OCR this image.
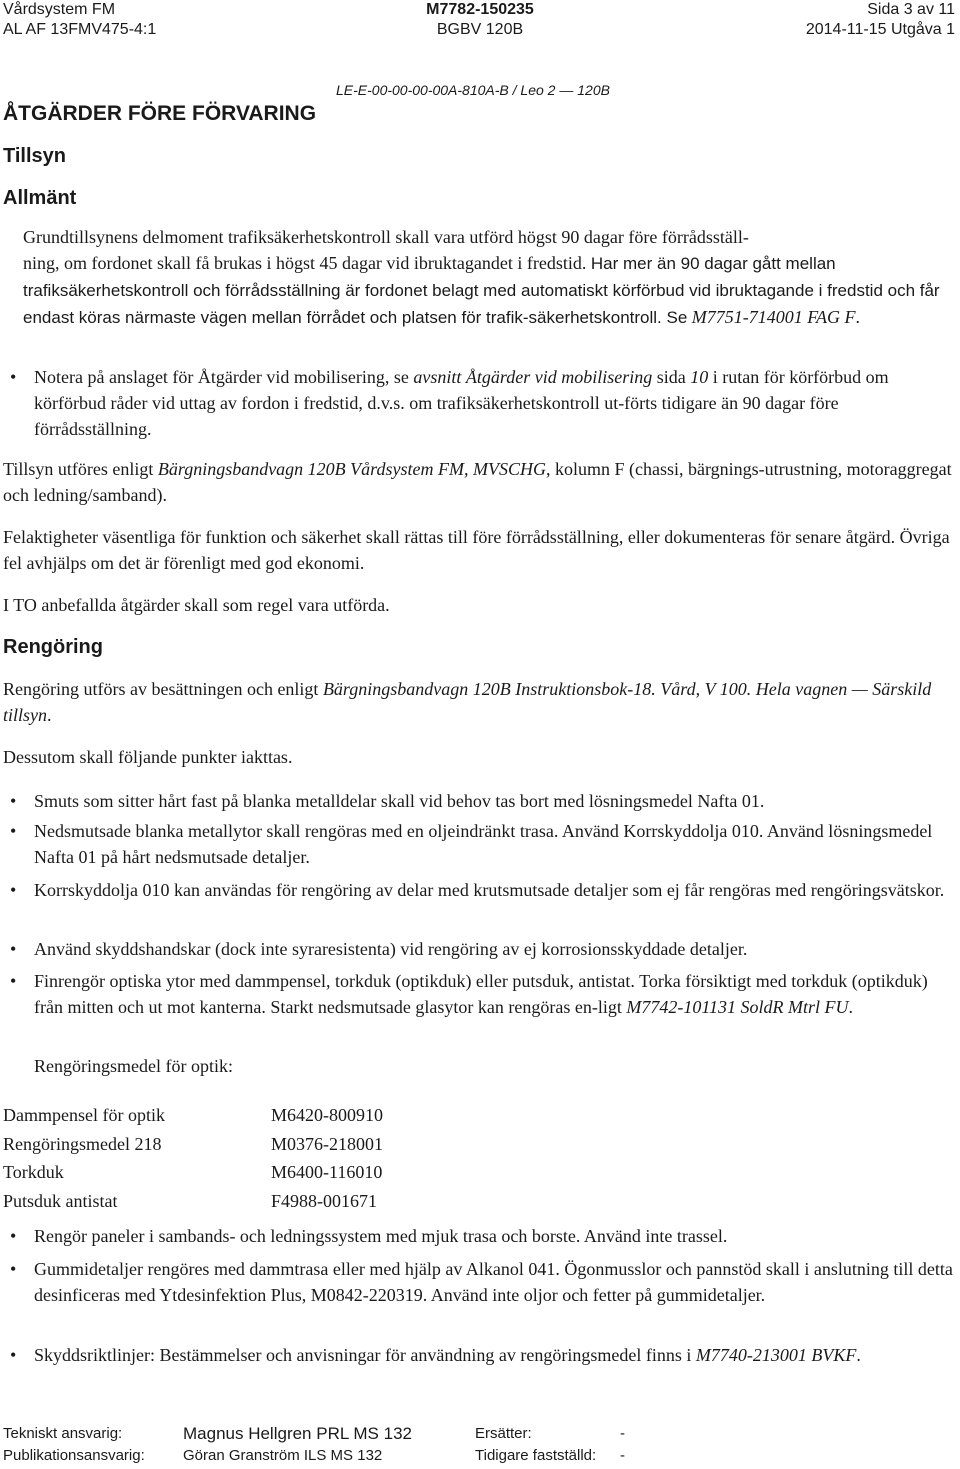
Vårdsystem FM
AL AF 13FMV475-4:1
M7782-150235
BGBV 120B
Sida 3 av 11
2014-11-15 Utgåva 1
LE-E-00-00-00-00A-810A-B / Leo 2 — 120B
ÅTGÄRDER FÖRE FÖRVARING
Tillsyn
Allmänt
Grundtillsynens delmoment trafiksäkerhetskontroll skall vara utförd högst 90 dagar före förrådsställ-
ning, om fordonet skall få brukas i högst 45 dagar vid ibruktagandet i fredstid. Har mer än 90 dagar gått mellan trafiksäkerhetskontroll och förrådsställning är fordonet belagt med automatiskt körförbud vid ibruktagande i fredstid och får endast köras närmaste vägen mellan förrådet och platsen för trafik-säkerhetskontroll. Se M7751-714001 FAG F.
• Notera på anslaget för Åtgärder vid mobilisering, se avsnitt Åtgärder vid mobilisering sida 10 i rutan för körförbud om körförbud råder vid uttag av fordon i fredstid, d.v.s. om trafiksäkerhetskontroll ut-förts tidigare än 90 dagar före förrådsställning.
Tillsyn utföres enligt Bärgningsbandvagn 120B Vårdsystem FM, MVSCHG, kolumn F (chassi, bärgnings-utrustning, motoraggregat och ledning/samband).
Felaktigheter väsentliga för funktion och säkerhet skall rättas till före förrådsställning, eller dokumenteras för senare åtgärd. Övriga fel avhjälps om det är förenligt med god ekonomi.
I TO anbefallda åtgärder skall som regel vara utförda.
Rengöring
Rengöring utförs av besättningen och enligt Bärgningsbandvagn 120B Instruktionsbok-18. Vård, V 100. Hela vagnen — Särskild tillsyn.
Dessutom skall följande punkter iakttas.
• Smuts som sitter hårt fast på blanka metalldelar skall vid behov tas bort med lösningsmedel Nafta 01.
• Nedsmutsade blanka metallytor skall rengöras med en oljeindränkt trasa. Använd Korrskyddolja 010. Använd lösningsmedel Nafta 01 på hårt nedsmutsade detaljer.
• Korrskyddolja 010 kan användas för rengöring av delar med krutsmutsade detaljer som ej får rengöras med rengöringsvätskor.
• Använd skyddshandskar (dock inte syraresistenta) vid rengöring av ej korrosionsskyddade detaljer.
• Finrengör optiska ytor med dammpensel, torkduk (optikduk) eller putsduk, antistat. Torka försiktigt med torkduk (optikduk) från mitten och ut mot kanterna. Starkt nedsmutsade glasytor kan rengöras en-ligt M7742-101131 SoldR Mtrl FU.
Rengöringsmedel för optik:
Dammpensel för optik	M6420-800910
Rengöringsmedel 218	M0376-218001
Torkduk	M6400-116010
Putsduk antistat	F4988-001671
• Rengör paneler i sambands- och ledningssystem med mjuk trasa och borste. Använd inte trassel.
• Gummidetaljer rengöres med dammtrasa eller med hjälp av Alkanol 041. Ögonmusslor och pannstöd skall i anslutning till detta desinficeras med Ytdesinfektion Plus, M0842-220319. Använd inte oljor och fetter på gummidetaljer.
• Skyddsriktlinjer: Bestämmelser och anvisningar för användning av rengöringsmedel finns i M7740-213001 BVKF.
Tekniskt ansvarig:	Magnus Hellgren PRL MS 132	Ersätter:	-
Publikationsansvarig:	Göran Granström ILS MS 132	Tidigare fastställd:	-
